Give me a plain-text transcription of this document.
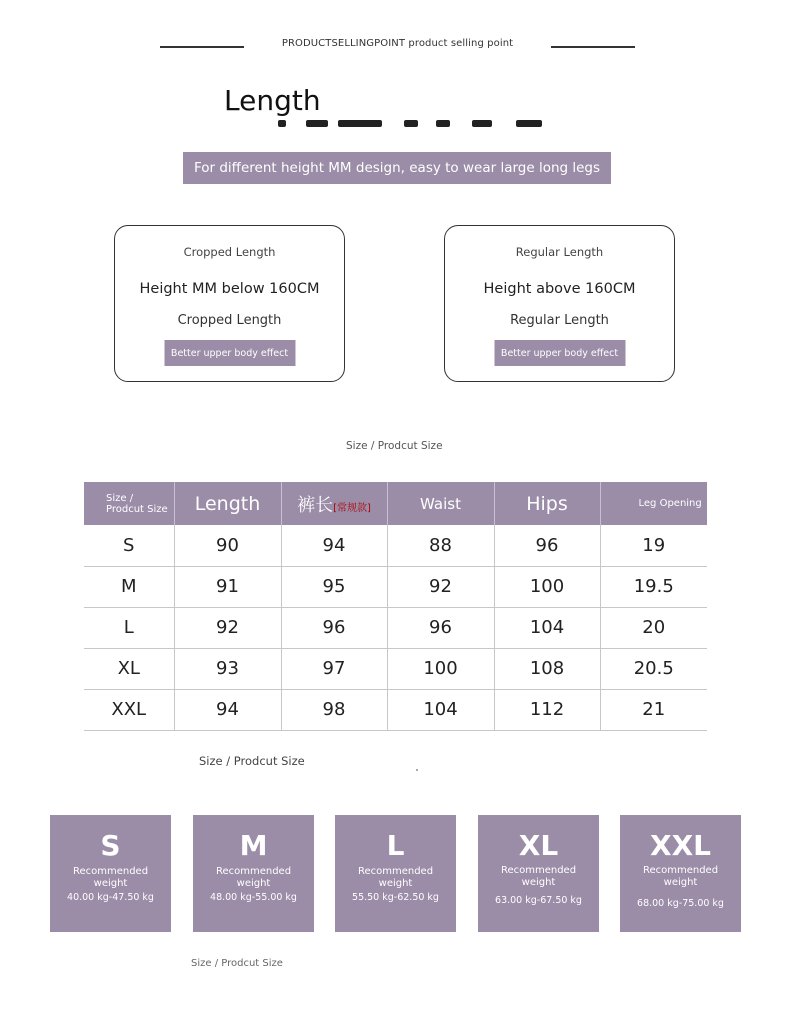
PRODUCTSELLINGPOINT product selling point
Length
For different height MM design, easy to wear large long legs
Cropped Length
Height MM below 160CM
Cropped Length
Better upper body effect
Regular Length
Height above 160CM
Regular Length
Better upper body effect
Size / Prodcut Size
Size / Prodcut Size	Length	裤长[常规款]	Waist	Hips	Leg Opening
S	90	94	88	96	19
M	91	95	92	100	19.5
L	92	96	96	104	20
XL	93	97	100	108	20.5
XXL	94	98	104	112	21
Size / Prodcut Size
S
Recommended weight
40.00 kg-47.50 kg
M
Recommended weight
48.00 kg-55.00 kg
L
Recommended weight
55.50 kg-62.50 kg
XL
Recommended weight
63.00 kg-67.50 kg
XXL
Recommended weight
68.00 kg-75.00 kg
Size / Prodcut Size
